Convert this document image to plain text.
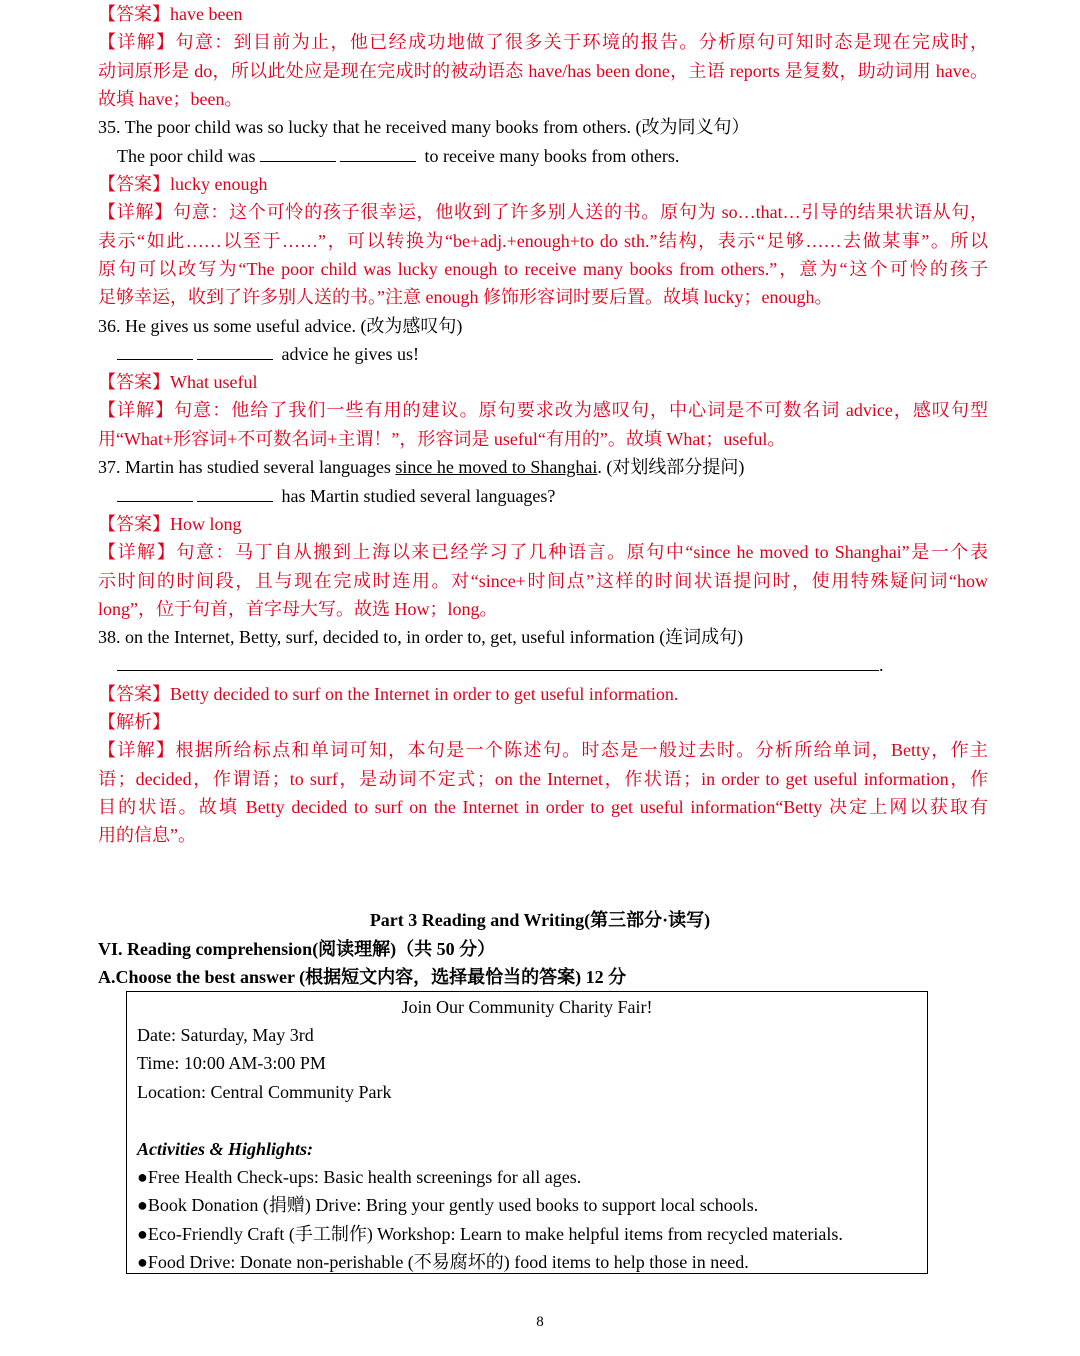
【答案】have been
【详解】句意：到目前为止，他已经成功地做了很多关于环境的报告。分析原句可知时态是现在完成时，
动词原形是 do，所以此处应是现在完成时的被动语态 have/has been done，主语 reports 是复数，助动词用 have。
故填 have；been。
35. The poor child was so lucky that he received many books from others. (改为同义句）
The poor child was	to receive many books from others.
【答案】lucky enough
【详解】句意：这个可怜的孩子很幸运，他收到了许多别人送的书。原句为 so…that…引导的结果状语从句，
表示“如此……以至于……”，可以转换为“be+adj.+enough+to do sth.”结构，表示“足够……去做某事”。所以
原句可以改写为“The poor child was lucky enough to receive many books from others.”，意为“这个可怜的孩子
足够幸运，收到了许多别人送的书。”注意 enough 修饰形容词时要后置。故填 lucky；enough。
36. He gives us some useful advice. (改为感叹句)
advice he gives us!
【答案】What useful
【详解】句意：他给了我们一些有用的建议。原句要求改为感叹句，中心词是不可数名词 advice，感叹句型
用“What+形容词+不可数名词+主谓！”，形容词是 useful“有用的”。故填 What；useful。
37. Martin has studied several languages since he moved to Shanghai. (对划线部分提问)
has Martin studied several languages?
【答案】How long
【详解】句意：马丁自从搬到上海以来已经学习了几种语言。原句中“since he moved to Shanghai”是一个表
示时间的时间段，且与现在完成时连用。对“since+时间点”这样的时间状语提问时，使用特殊疑问词“how
long”，位于句首，首字母大写。故选 How；long。
38. on the Internet, Betty, surf, decided to, in order to, get, useful information (连词成句)
.
【答案】Betty decided to surf on the Internet in order to get useful information.
【解析】
【详解】根据所给标点和单词可知，本句是一个陈述句。时态是一般过去时。分析所给单词，Betty，作主
语；decided，作谓语；to surf，是动词不定式；on the Internet，作状语；in order to get useful information，作
目的状语。故填 Betty decided to surf on the Internet in order to get useful information“Betty 决定上网以获取有
用的信息”。
Part 3 Reading and Writing(第三部分·读写)
VI. Reading comprehension(阅读理解)（共 50 分）
A.Choose the best answer (根据短文内容，选择最恰当的答案) 12 分
Join Our Community Charity Fair!
Date: Saturday, May 3rd
Time: 10:00 AM-3:00 PM
Location: Central Community Park
Activities & Highlights:
●Free Health Check-ups: Basic health screenings for all ages.
●Book Donation (捐赠) Drive: Bring your gently used books to support local schools.
●Eco-Friendly Craft (手工制作) Workshop: Learn to make helpful items from recycled materials.
●Food Drive: Donate non-perishable (不易腐坏的) food items to help those in need.
8
